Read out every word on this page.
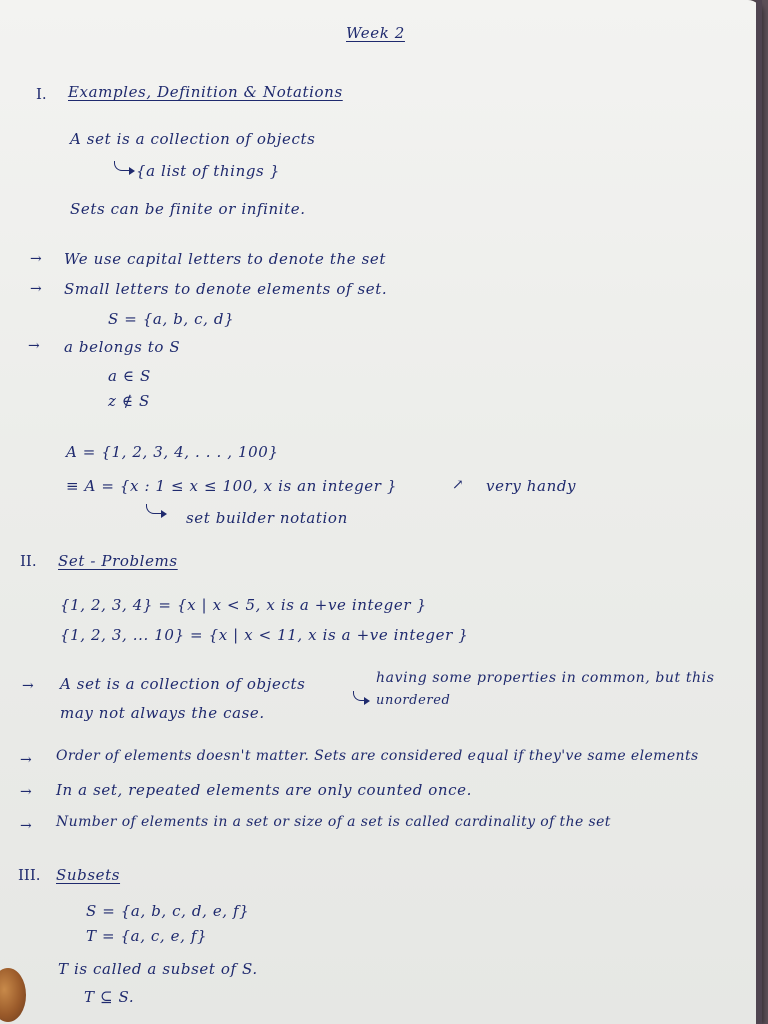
Week 2
I. Examples, Definition & Notations
A set is a collection of objects
{a list of things }
Sets can be finite or infinite.
→ We use capital letters to denote the set
→ Small letters to denote elements of set.
S = {a, b, c, d}
→ a belongs to S
a ∈ S
z ∉ S
A = {1, 2, 3, 4, . . . , 100}
≡ A = {x : 1 ≤ x ≤ 100, x is an integer }	↗ very handy
set builder notation
II. Set - Problems
{1, 2, 3, 4} = {x | x < 5, x is a +ve integer }
{1, 2, 3, ... 10} = {x | x < 11, x is a +ve integer }
→ A set is a collection of objects	having some properties in common, but this
unordered
may not always the case.
→ Order of elements doesn't matter. Sets are considered equal if they've same elements
→ In a set, repeated elements are only counted once.
→ Number of elements in a set or size of a set is called cardinality of the set
III. Subsets
S = {a, b, c, d, e, f}
T = {a, c, e, f}
T is called a subset of S.
T ⊆ S.
